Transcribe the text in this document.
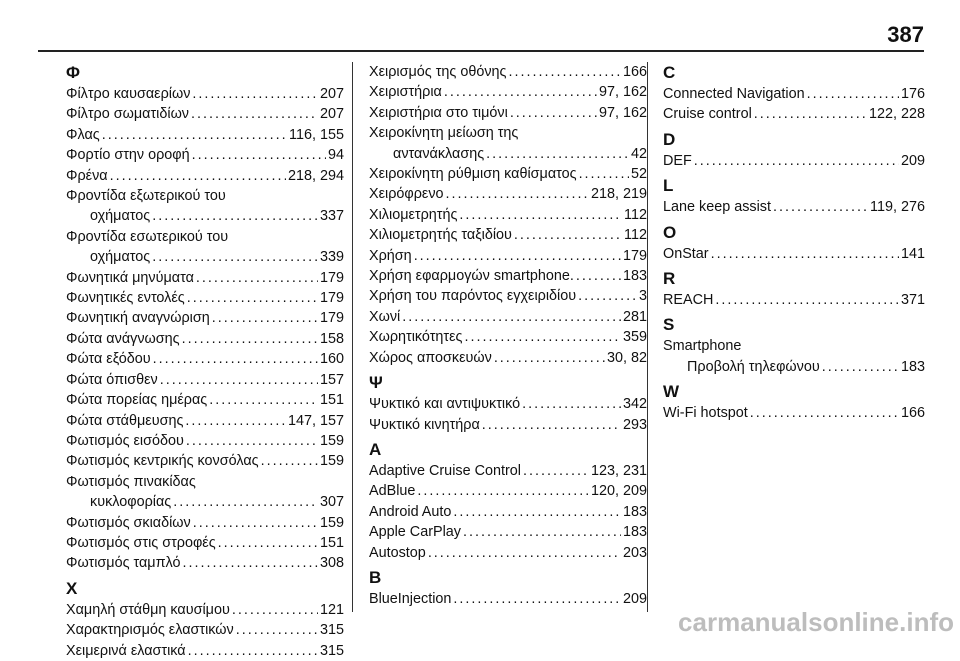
387
Φ
Φίλτρο καυσαερίων . . .	207
Φίλτρο σωματιδίων . . .	207
Φλας . . .	116, 155
Φορτίο στην οροφή . . .	94
Φρένα . . .	218, 294
Φροντίδα εξωτερικού του
οχήματος . . .	337
Φροντίδα εσωτερικού του
οχήματος . . .	339
Φωνητικά μηνύματα . . .	179
Φωνητικές εντολές . . .	179
Φωνητική αναγνώριση . . .	179
Φώτα ανάγνωσης . . .	158
Φώτα εξόδου . . .	160
Φώτα όπισθεν . . .	157
Φώτα πορείας ημέρας . . .	151
Φώτα στάθμευσης . . .	147, 157
Φωτισμός εισόδου . . .	159
Φωτισμός κεντρικής κονσόλας . . .	159
Φωτισμός πινακίδας
κυκλοφορίας . . .	307
Φωτισμός σκιαδίων . . .	159
Φωτισμός στις στροφές . . .	151
Φωτισμός ταμπλό . . .	308
Χ
Χαμηλή στάθμη καυσίμου . . .	121
Χαρακτηρισμός ελαστικών . . .	315
Χειμερινά ελαστικά . . .	315
Χειρισμός της οθόνης . . .	166
Χειριστήρια . . .	97, 162
Χειριστήρια στο τιμόνι . . .	97, 162
Χειροκίνητη μείωση της
αντανάκλασης . . .	42
Χειροκίνητη ρύθμιση καθίσματος . . .	52
Χειρόφρενο . . .	218, 219
Χιλιομετρητής . . .	112
Χιλιομετρητής ταξιδίου . . .	112
Χρήση . . .	179
Χρήση εφαρμογών smartphone. . . .	183
Χρήση του παρόντος εγχειριδίου . . .	3
Χωνί . . .	281
Χωρητικότητες . . .	359
Χώρος αποσκευών . . .	30, 82
Ψ
Ψυκτικό και αντιψυκτικό . . .	342
Ψυκτικό κινητήρα . . .	293
A
Adaptive Cruise Control . . .	123, 231
AdBlue . . .	120, 209
Android Auto . . .	183
Apple CarPlay . . .	183
Autostop . . .	203
B
BlueInjection . . .	209
C
Connected Navigation . . .	176
Cruise control . . .	122, 228
D
DEF . . .	209
L
Lane keep assist . . .	119, 276
O
OnStar . . .	141
R
REACH . . .	371
S
Smartphone
Προβολή τηλεφώνου . . .	183
W
Wi-Fi hotspot . . .	166
carmanualsonline.info
